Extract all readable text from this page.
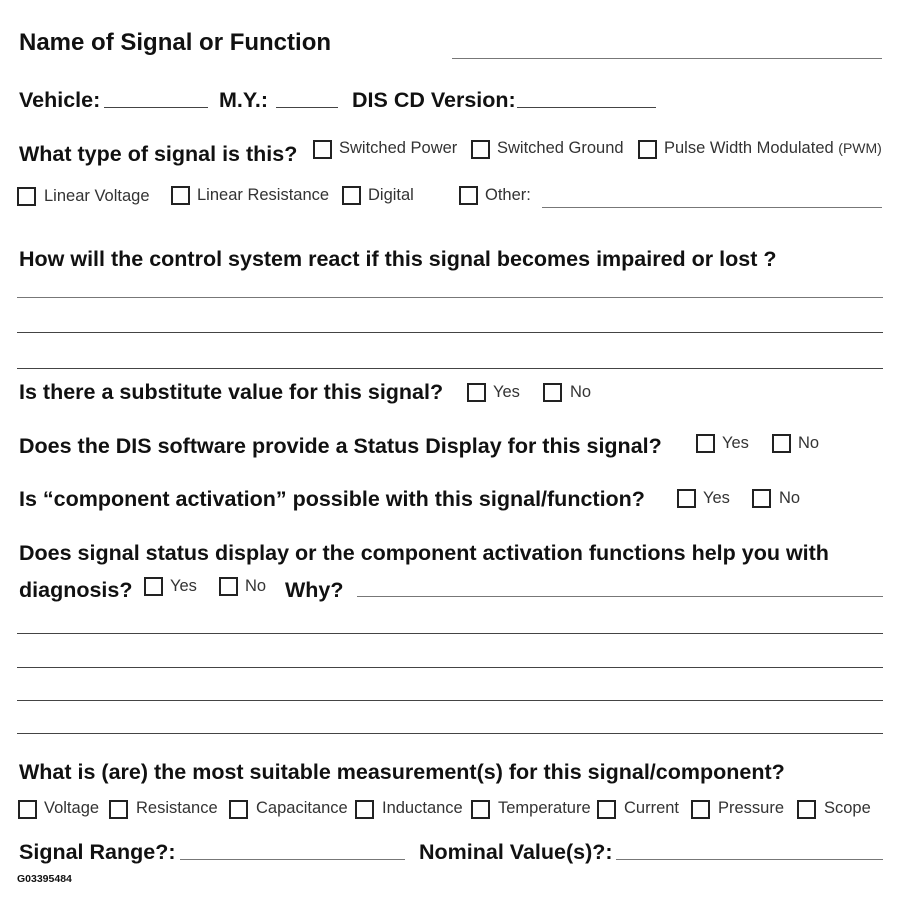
Name of Signal or Function
Vehicle:	M.Y.:	DIS CD Version:
What type of signal is this?	Switched Power Switched Ground Pulse Width Modulated (PWM)
Linear Voltage	Linear Resistance Digital	Other:
How will the control system react if this signal becomes impaired or lost ?
Is there a substitute value for this signal?	Yes	No
Does the DIS software provide a Status Display for this signal?	Yes	No
Is “component activation” possible with this signal/function?	Yes	No
Does signal status display or the component activation functions help you with
diagnosis? Yes	No Why?
What is (are) the most suitable measurement(s) for this signal/component?
Voltage Resistance Capacitance Inductance Temperature Current Pressure Scope
Signal Range?:	Nominal Value(s)?:
G03395484
